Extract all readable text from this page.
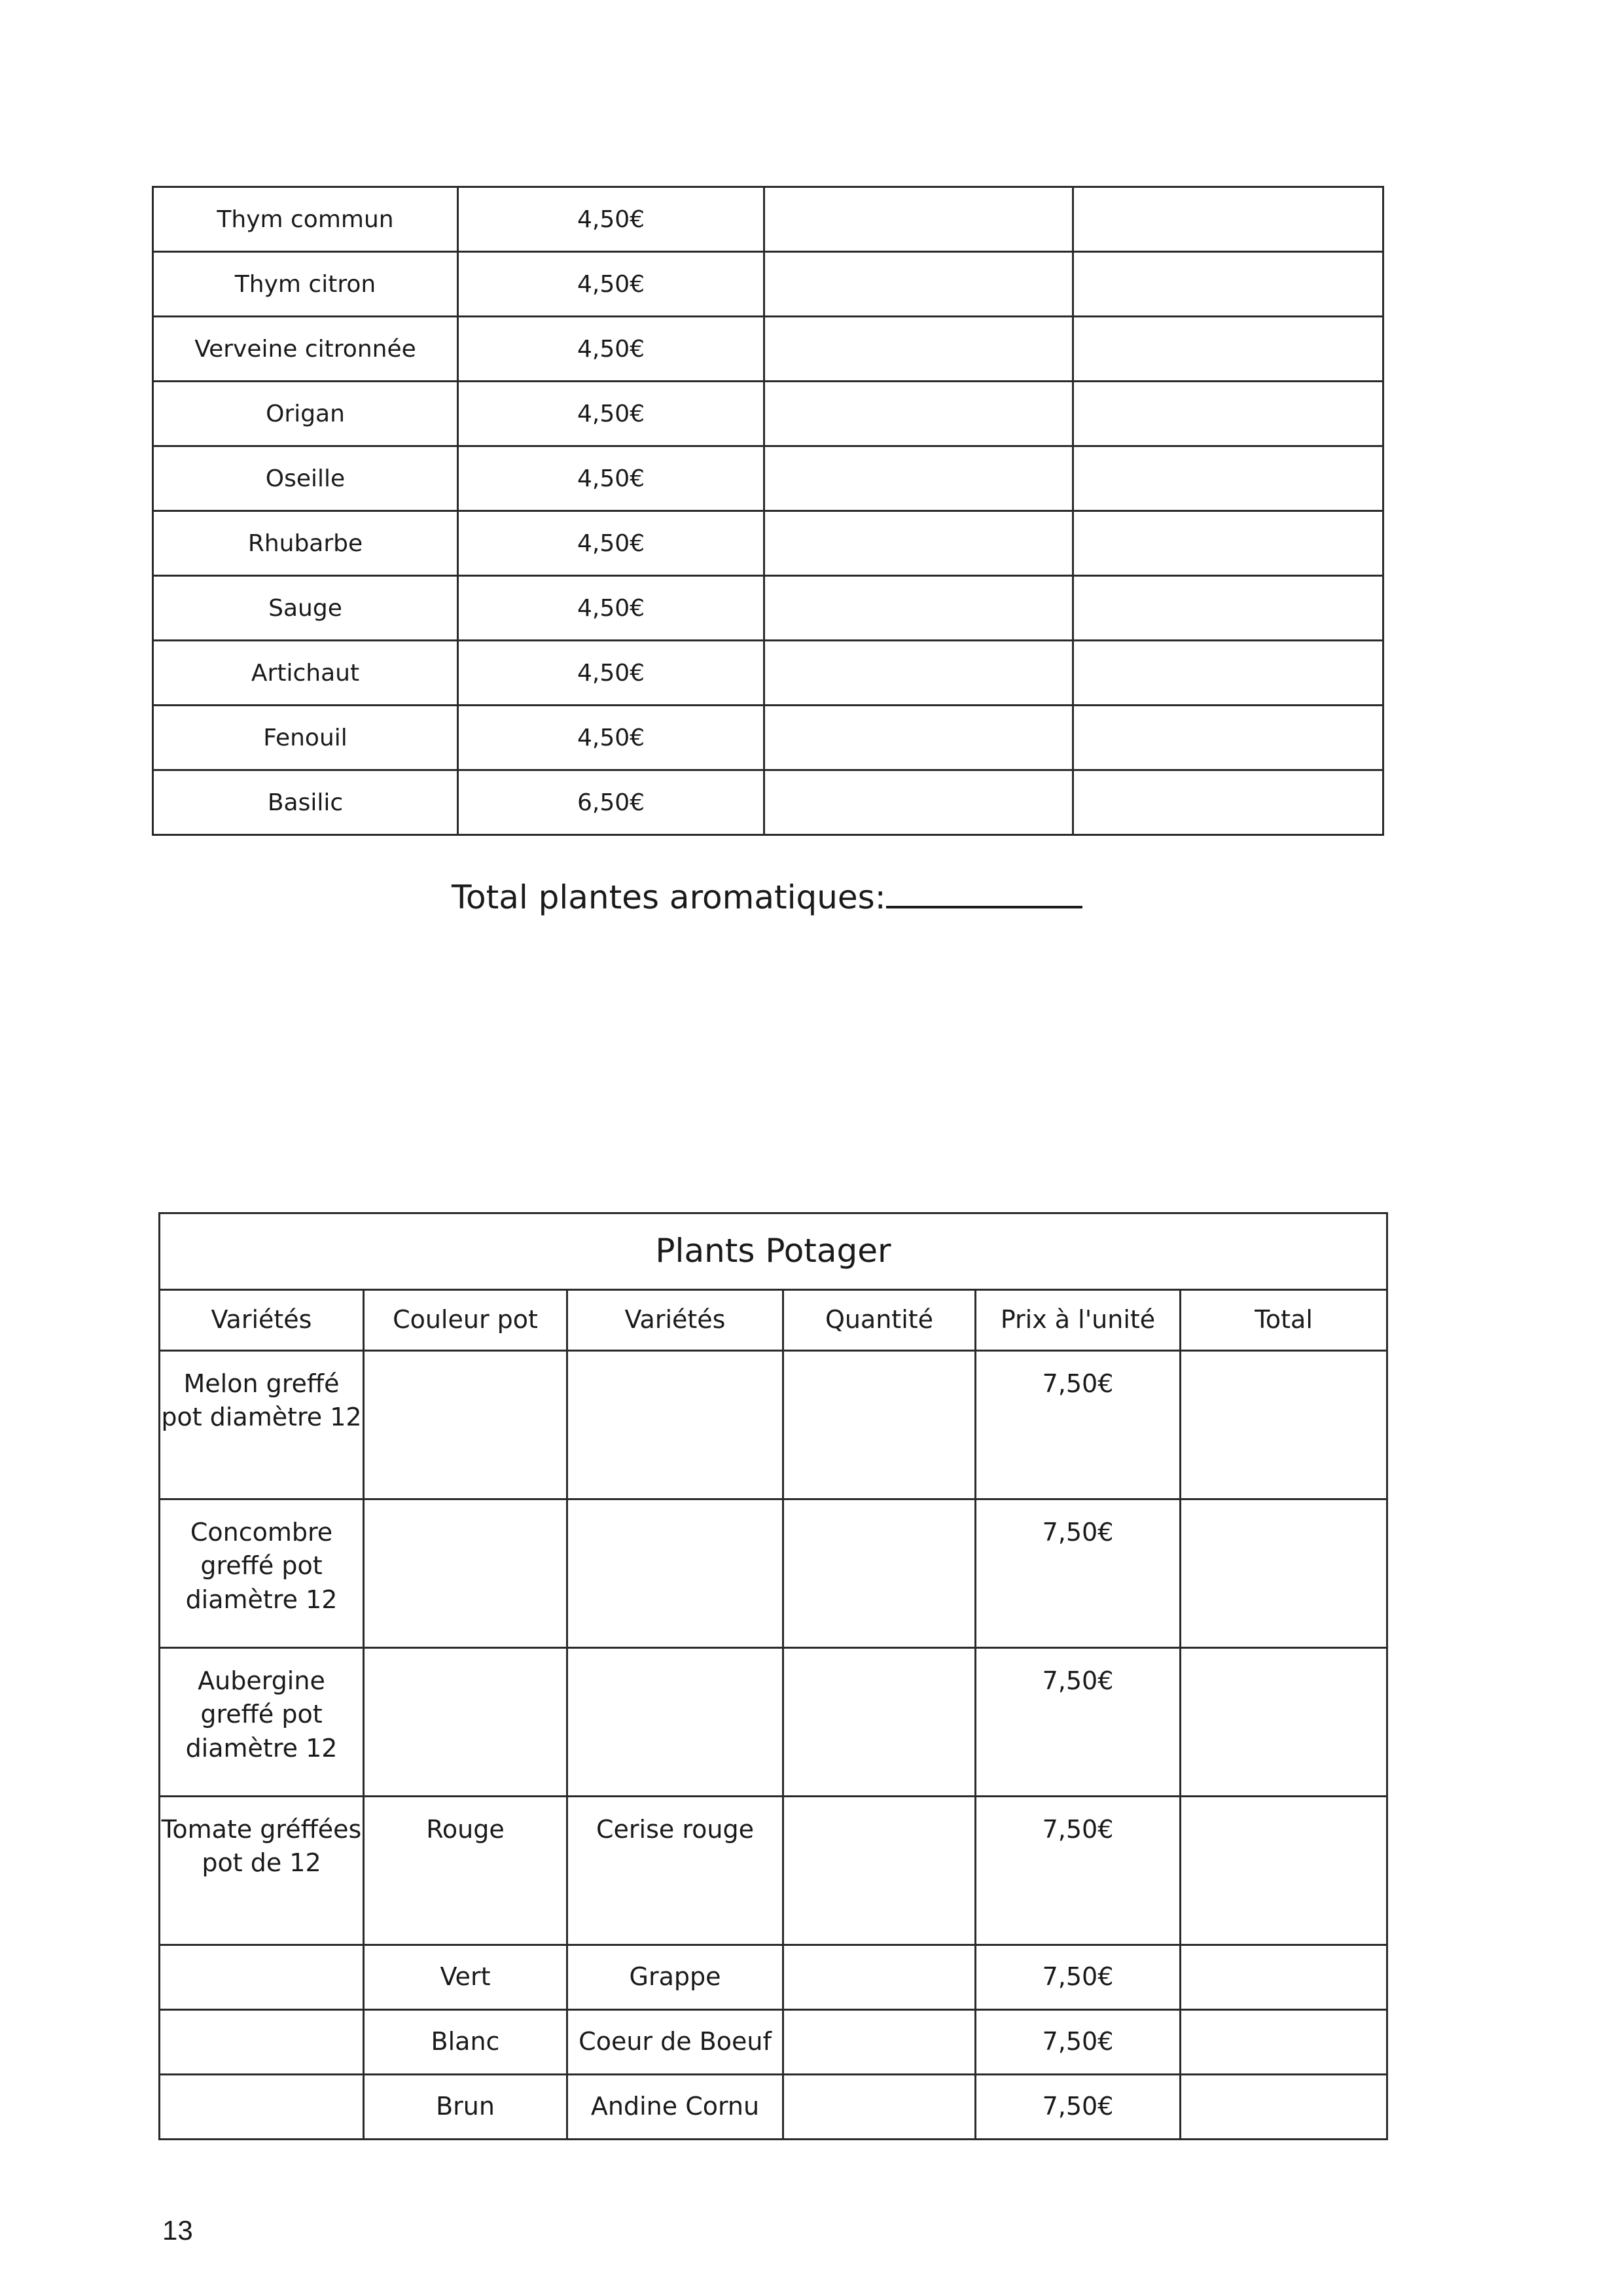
Thym commun	4,50€		
Thym citron	4,50€		
Verveine citronnée	4,50€		
Origan	4,50€		
Oseille	4,50€		
Rhubarbe	4,50€		
Sauge	4,50€		
Artichaut	4,50€		
Fenouil	4,50€		
Basilic	6,50€		
Total plantes aromatiques:
Plants Potager					
Variétés	Couleur pot	Variétés	Quantité	Prix à l'unité	Total
Melon greffé pot diamètre 12				7,50€	
Concombre greffé pot diamètre 12				7,50€	
Aubergine greffé pot diamètre 12				7,50€	
Tomate gréffées pot de 12	Rouge	Cerise rouge		7,50€	
	Vert	Grappe		7,50€	
	Blanc	Coeur de Boeuf		7,50€	
	Brun	Andine Cornu		7,50€	
13
